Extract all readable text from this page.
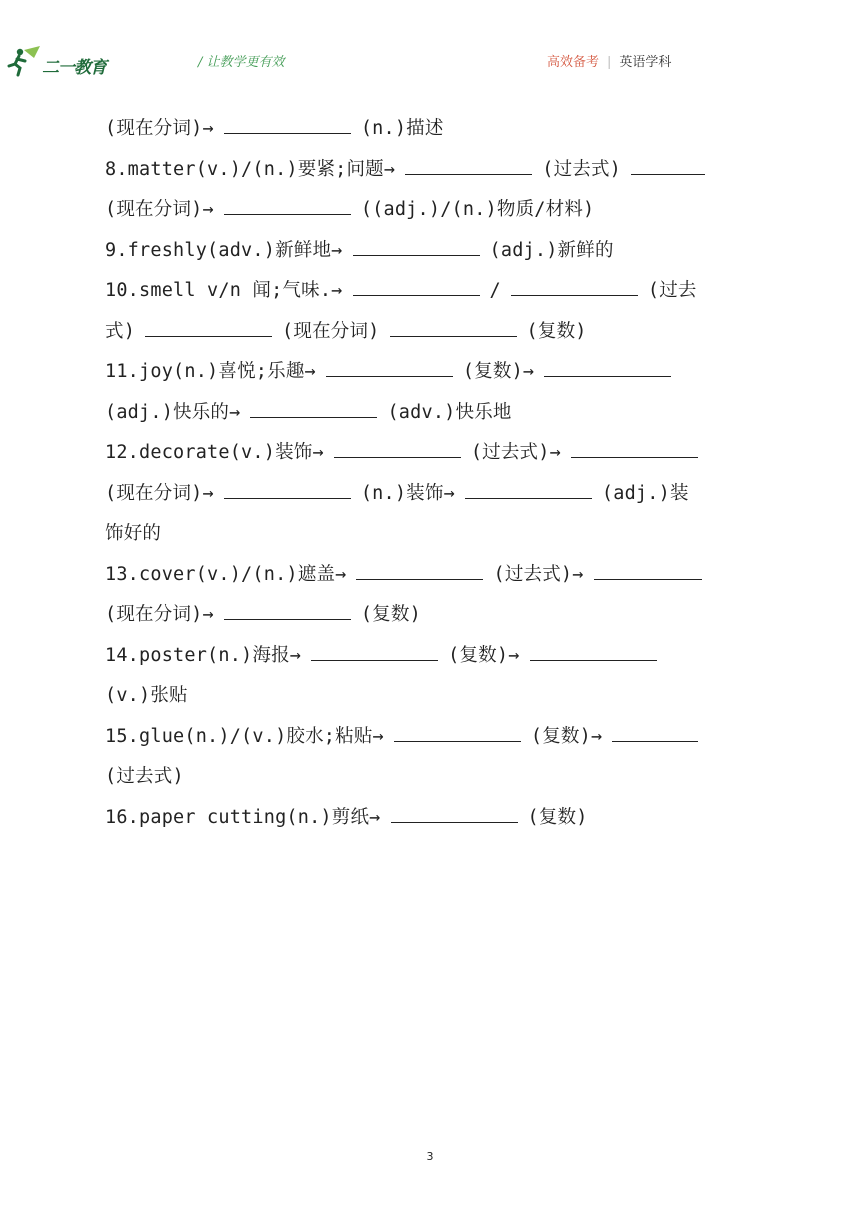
二一教育	/ 让教学更有效	高效备考 | 英语学科
(现在分词)→	(n.)描述
8.matter(v.)/(n.)要紧;问题→	(过去式)
(现在分词)→	((adj.)/(n.)物质/材料)
9.freshly(adv.)新鲜地→	(adj.)新鲜的
10.smell v/n 闻;气味.→	/	(过去
式)	(现在分词)	(复数)
11.joy(n.)喜悦;乐趣→	(复数)→
(adj.)快乐的→	(adv.)快乐地
12.decorate(v.)装饰→	(过去式)→
(现在分词)→	(n.)装饰→	(adj.)装
饰好的
13.cover(v.)/(n.)遮盖→	(过去式)→
(现在分词)→	(复数)
14.poster(n.)海报→	(复数)→
(v.)张贴
15.glue(n.)/(v.)胶水;粘贴→	(复数)→
(过去式)
16.paper cutting(n.)剪纸→	(复数)
3
